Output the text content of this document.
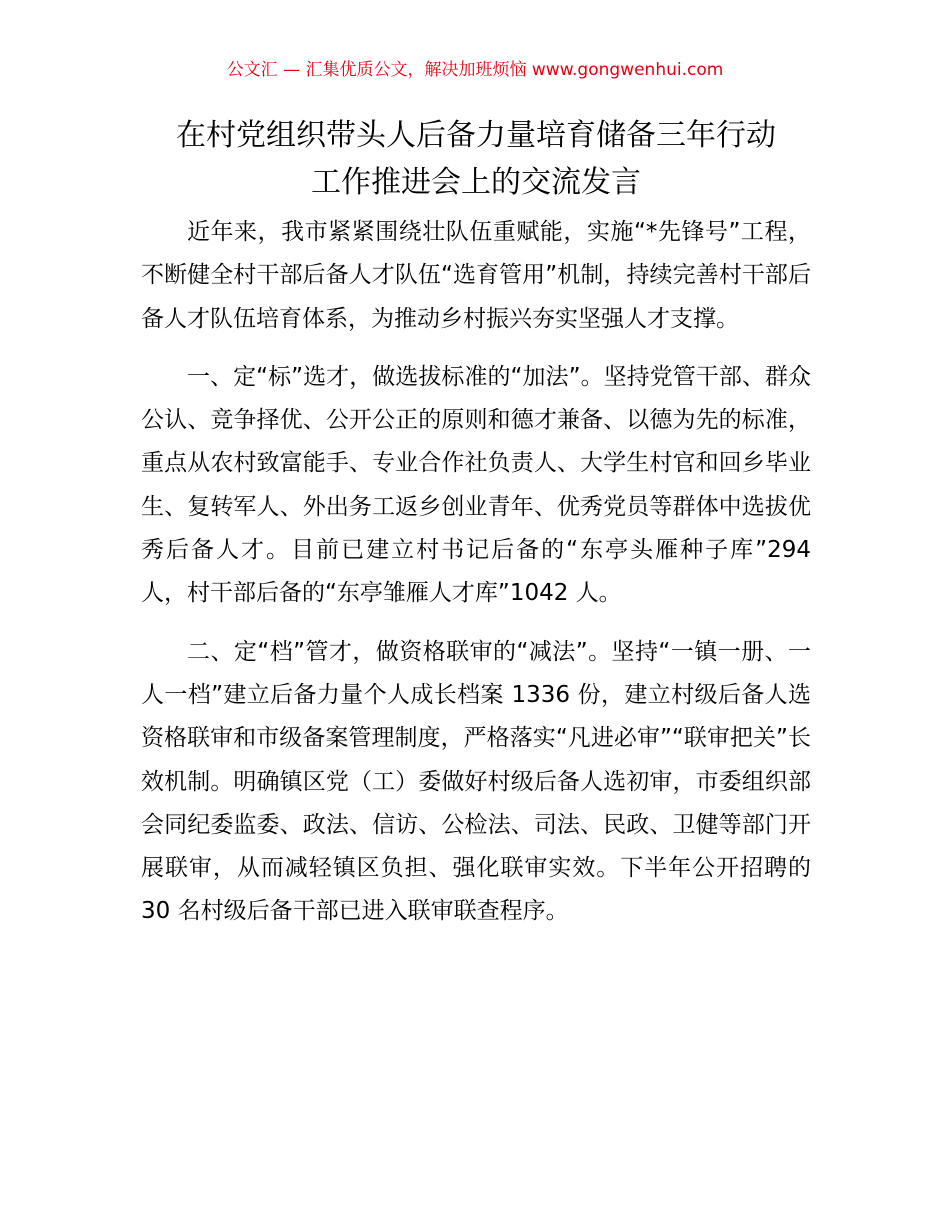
公文汇 — 汇集优质公文，解决加班烦恼 www.gongwenhui.com
在村党组织带头人后备力量培育储备三年行动
工作推进会上的交流发言

近年来，我市紧紧围绕壮队伍重赋能，实施“*先锋号”工程，不断健全村干部后备人才队伍“选育管用”机制，持续完善村干部后备人才队伍培育体系，为推动乡村振兴夯实坚强人才支撑。

一、定“标”选才，做选拔标准的“加法”。坚持党管干部、群众公认、竞争择优、公开公正的原则和德才兼备、以德为先的标准，重点从农村致富能手、专业合作社负责人、大学生村官和回乡毕业生、复转军人、外出务工返乡创业青年、优秀党员等群体中选拔优秀后备人才。目前已建立村书记后备的“东亭头雁种子库”294 人，村干部后备的“东亭雏雁人才库”1042 人。

二、定“档”管才，做资格联审的“减法”。坚持“一镇一册、一人一档”建立后备力量个人成长档案 1336 份，建立村级后备人选资格联审和市级备案管理制度，严格落实“凡进必审”“联审把关”长效机制。明确镇区党（工）委做好村级后备人选初审，市委组织部会同纪委监委、政法、信访、公检法、司法、民政、卫健等部门开展联审，从而减轻镇区负担、强化联审实效。下半年公开招聘的 30 名村级后备干部已进入联审联查程序。
